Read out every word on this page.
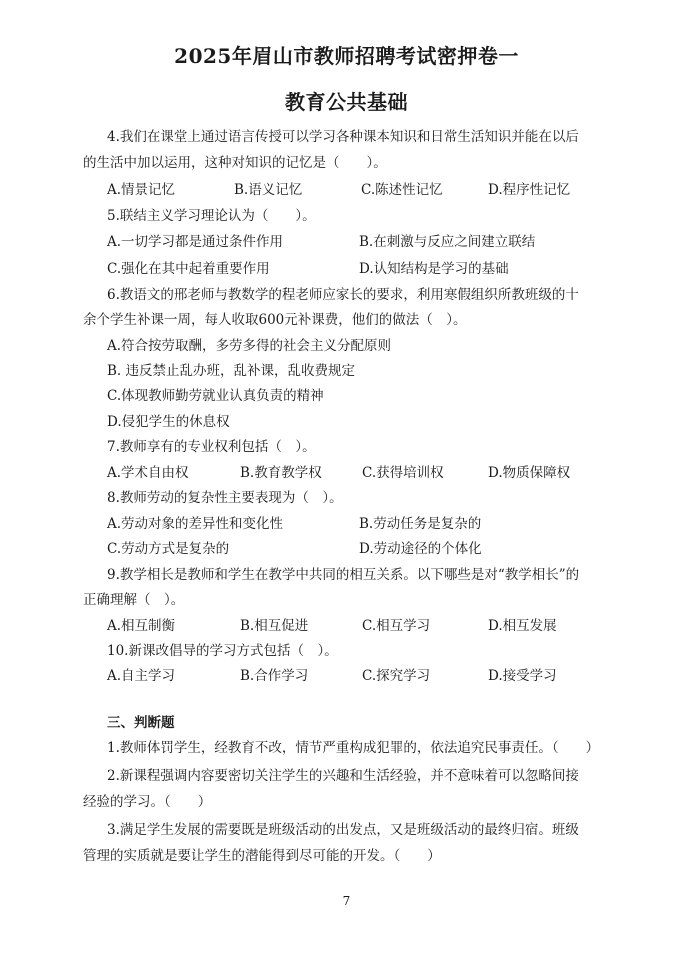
2025年眉山市教师招聘考试密押卷一
教育公共基础
4.我们在课堂上通过语言传授可以学习各种课本知识和日常生活知识并能在以后
的生活中加以运用，这种对知识的记忆是（　　）。
A.情景记忆	B.语义记忆	C.陈述性记忆	D.程序性记忆
5.联结主义学习理论认为（　　）。
A.一切学习都是通过条件作用	B.在刺激与反应之间建立联结
C.强化在其中起着重要作用	D.认知结构是学习的基础
6.教语文的邢老师与教数学的程老师应家长的要求，利用寒假组织所教班级的十
余个学生补课一周，每人收取600元补课费，他们的做法（　）。
A.符合按劳取酬，多劳多得的社会主义分配原则
B. 违反禁止乱办班，乱补课，乱收费规定
C.体现教师勤劳就业认真负责的精神
D.侵犯学生的休息权
7.教师享有的专业权利包括（　）。
A.学术自由权	B.教育教学权	C.获得培训权	D.物质保障权
8.教师劳动的复杂性主要表现为（　）。
A.劳动对象的差异性和变化性	B.劳动任务是复杂的
C.劳动方式是复杂的	D.劳动途径的个体化
9.教学相长是教师和学生在教学中共同的相互关系。以下哪些是对“教学相长”的
正确理解（　）。
A.相互制衡	B.相互促进	C.相互学习	D.相互发展
10.新课改倡导的学习方式包括（　）。
A.自主学习	B.合作学习	C.探究学习	D.接受学习
三、判断题
1.教师体罚学生，经教育不改，情节严重构成犯罪的，依法追究民事责任。（　　）
2.新课程强调内容要密切关注学生的兴趣和生活经验，并不意味着可以忽略间接
经验的学习。（　　）
3.满足学生发展的需要既是班级活动的出发点，又是班级活动的最终归宿。班级
管理的实质就是要让学生的潜能得到尽可能的开发。（　　）
7
